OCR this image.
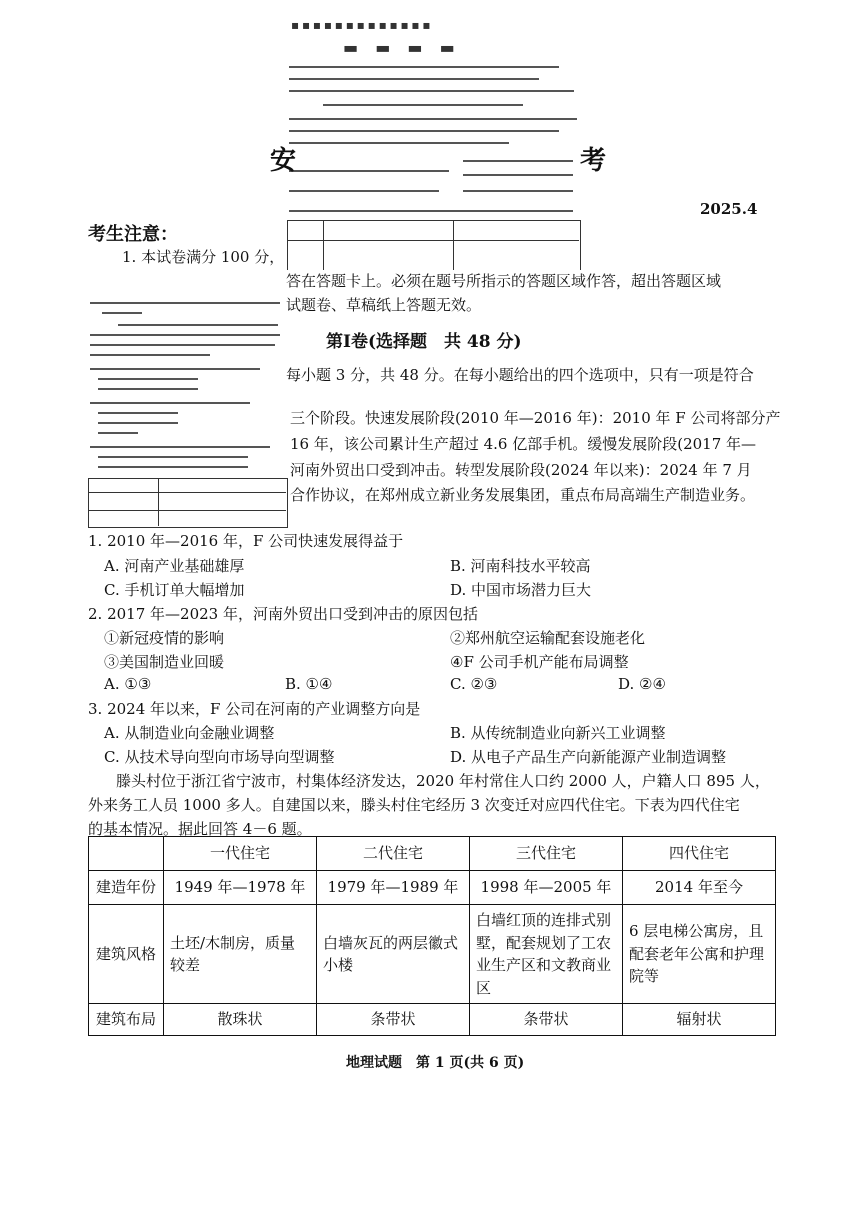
▪ ▪ ▪ ▪ ▪ ▪ ▪ ▪ ▪ ▪ ▪ ▪ ▪
▬ ▬ ▬ ▬
安	考
2025.4
考生注意：
1. 本试卷满分 100 分，
答在答题卡上。必须在题号所指示的答题区域作答，超出答题区域
试题卷、草稿纸上答题无效。
第Ⅰ卷(选择题　共 48 分)
每小题 3 分，共 48 分。在每小题给出的四个选项中，只有一项是符合
三个阶段。快速发展阶段(2010 年—2016 年)：2010 年 F 公司将部分产
16 年，该公司累计生产超过 4.6 亿部手机。缓慢发展阶段(2017 年—
河南外贸出口受到冲击。转型发展阶段(2024 年以来)：2024 年 7 月
合作协议，在郑州成立新业务发展集团，重点布局高端生产制造业务。
1. 2010 年—2016 年，F 公司快速发展得益于
A. 河南产业基础雄厚	B. 河南科技水平较高
C. 手机订单大幅增加	D. 中国市场潜力巨大
2. 2017 年—2023 年，河南外贸出口受到冲击的原因包括
①新冠疫情的影响	②郑州航空运输配套设施老化
③美国制造业回暖	④F 公司手机产能布局调整
A. ①③	B. ①④	C. ②③	D. ②④
3. 2024 年以来，F 公司在河南的产业调整方向是
A. 从制造业向金融业调整	B. 从传统制造业向新兴工业调整
C. 从技术导向型向市场导向型调整	D. 从电子产品生产向新能源产业制造调整
滕头村位于浙江省宁波市，村集体经济发达，2020 年村常住人口约 2000 人，户籍人口 895 人，
外来务工人员 1000 多人。自建国以来，滕头村住宅经历 3 次变迁对应四代住宅。下表为四代住宅
的基本情况。据此回答 4－6 题。
	一代住宅	二代住宅	三代住宅	四代住宅
建造年份	1949 年—1978 年	1979 年—1989 年	1998 年—2005 年	2014 年至今
建筑风格	土坯/木制房，质量较差	白墙灰瓦的两层徽式小楼	白墙红顶的连排式别墅，配套规划了工农业生产区和文教商业区	6 层电梯公寓房，且配套老年公寓和护理院等
建筑布局	散珠状	条带状	条带状	辐射状
地理试题　第 1 页(共 6 页)
